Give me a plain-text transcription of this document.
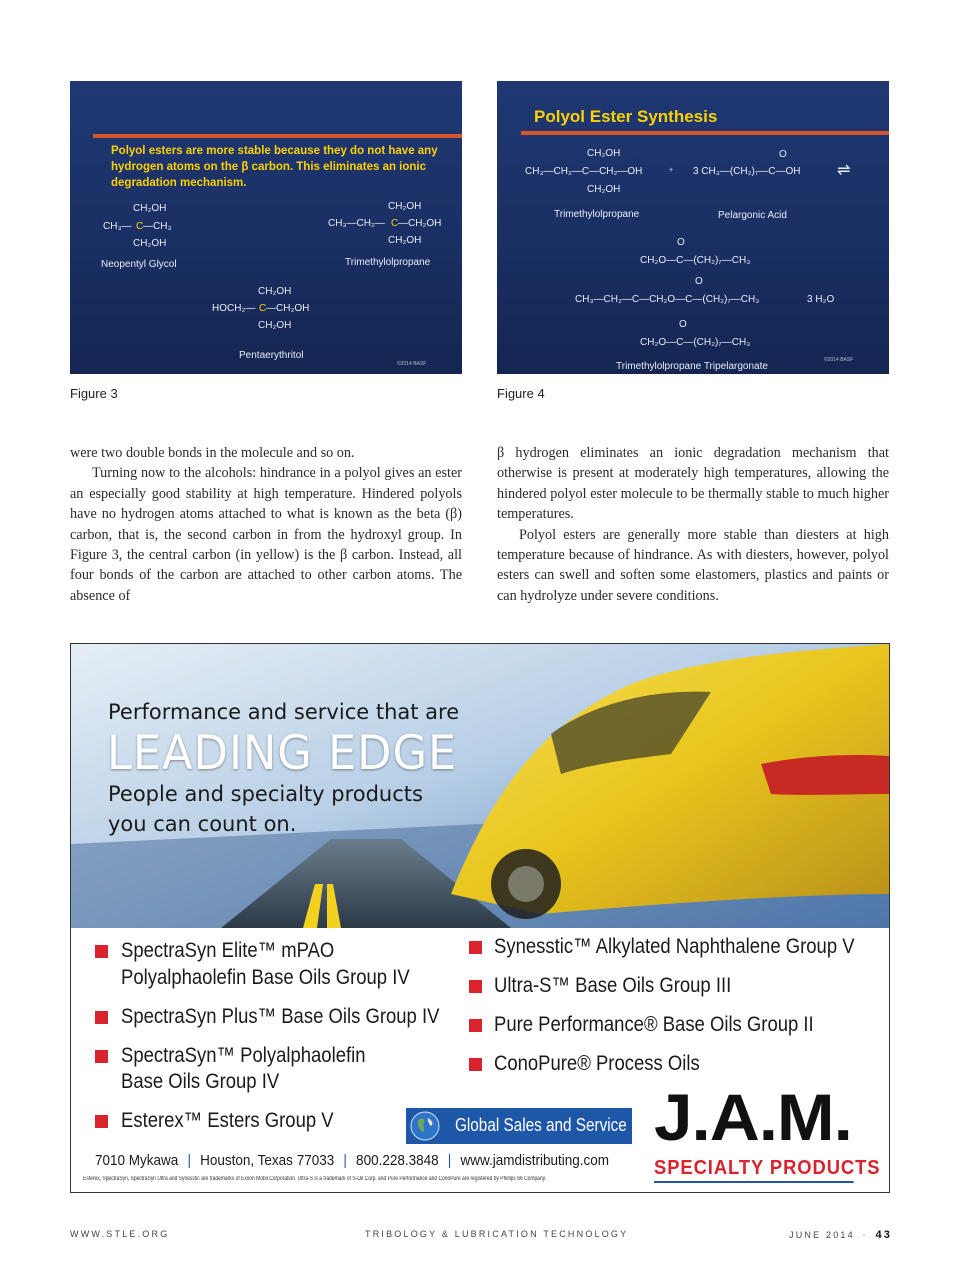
Polyol esters are more stable because they do not have any hydrogen atoms on the β carbon. This eliminates an ionic degradation mechanism.
CH₂OH
CH₃— C —CH₃
CH₂OH
Neopentyl Glycol
CH₂OH
CH₃—CH₂— C —CH₂OH
CH₂OH
Trimethylolpropane
CH₂OH
HOCH₂— C —CH₂OH
CH₂OH
Pentaerythritol
©2014 BASF
Figure 3
Polyol Ester Synthesis
CH₂OH
CH₃—CH₂—C—CH₂—OH
CH₂OH
+
O
3 CH₃—(CH₂)₇—C—OH ⇌
Trimethylolpropane	Pelargonic Acid
O
CH₂O—C—(CH₂)₇—CH₃
O
CH₃—CH₂—C—CH₂O—C—(CH₂)₇—CH₃	3 H₂O
O
CH₂O—C—(CH₂)₇—CH₃
Trimethylolpropane Tripelargonate
©2014 BASF
Figure 4

were two double bonds in the molecule and so on.

Turning now to the alcohols: hindrance in a polyol gives an ester an especially good stability at high temperature. Hindered polyols have no hydrogen atoms attached to what is known as the beta (β) carbon, that is, the second carbon in from the hydroxyl group. In Figure 3, the central carbon (in yellow) is the β carbon. Instead, all four bonds of the carbon are attached to other carbon atoms. The absence of

β hydrogen eliminates an ionic degradation mechanism that otherwise is present at moderately high temperatures, allowing the hindered polyol ester molecule to be thermally stable to much higher temperatures.

Polyol esters are generally more stable than diesters at high temperature because of hindrance. As with diesters, however, polyol esters can swell and soften some elastomers, plastics and paints or can hydrolyze under severe conditions.

Performance and service that are
LEADING EDGE
People and specialty products
you can count on.
SpectraSyn Elite™ mPAO
Polyalphaolefin Base Oils Group IV
SpectraSyn Plus™ Base Oils Group IV
SpectraSyn™ Polyalphaolefin
Base Oils Group IV
Esterex™ Esters Group V
Synesstic™ Alkylated Naphthalene Group V
Ultra-S™ Base Oils Group III
Pure Performance® Base Oils Group II
ConoPure® Process Oils
Global Sales and Service
7010 Mykawa | Houston, Texas 77033 | 800.228.3848 | www.jamdistributing.com
J.A.M.
SPECIALTY PRODUCTS
Esterex, SpectraSyn, SpectraSyn Ultra and Synesstic are trademarks of Exxon Mobil Corporation. Ultra-S is a trademark of S-Oil Corp. and Pure Performance and ConoPure are registered by Phillips 66 Company.
WWW.STLE.ORG	TRIBOLOGY & LUBRICATION TECHNOLOGY	JUNE 2014 · 43
